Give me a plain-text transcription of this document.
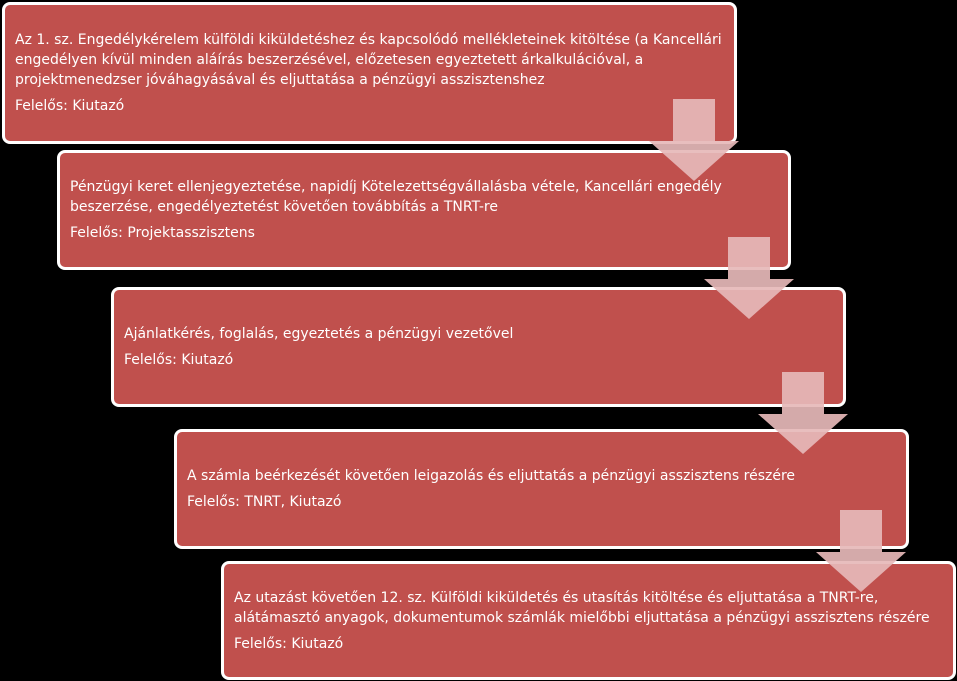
Az 1. sz. Engedélykérelem külföldi kiküldetéshez és kapcsolódó mellékleteinek kitöltése (a Kancellári engedélyen kívül minden aláírás beszerzésével, előzetesen egyeztetett árkalkulációval, a projektmenedzser jóváhagyásával és eljuttatása a pénzügyi asszisztenshez

Felelős: Kiutazó

Pénzügyi keret ellenjegyeztetése, napidíj Kötelezettségvállalásba vétele, Kancellári engedély beszerzése, engedélyeztetést követően továbbítás a TNRT-re

Felelős: Projektasszisztens

Ajánlatkérés, foglalás, egyeztetés a pénzügyi vezetővel

Felelős: Kiutazó

A számla beérkezését követően leigazolás és eljuttatás a pénzügyi asszisztens részére

Felelős: TNRT, Kiutazó

Az utazást követően 12. sz. Külföldi kiküldetés és utasítás kitöltése és eljuttatása a TNRT-re, alátámasztó anyagok, dokumentumok számlák mielőbbi eljuttatása a pénzügyi asszisztens részére

Felelős: Kiutazó
